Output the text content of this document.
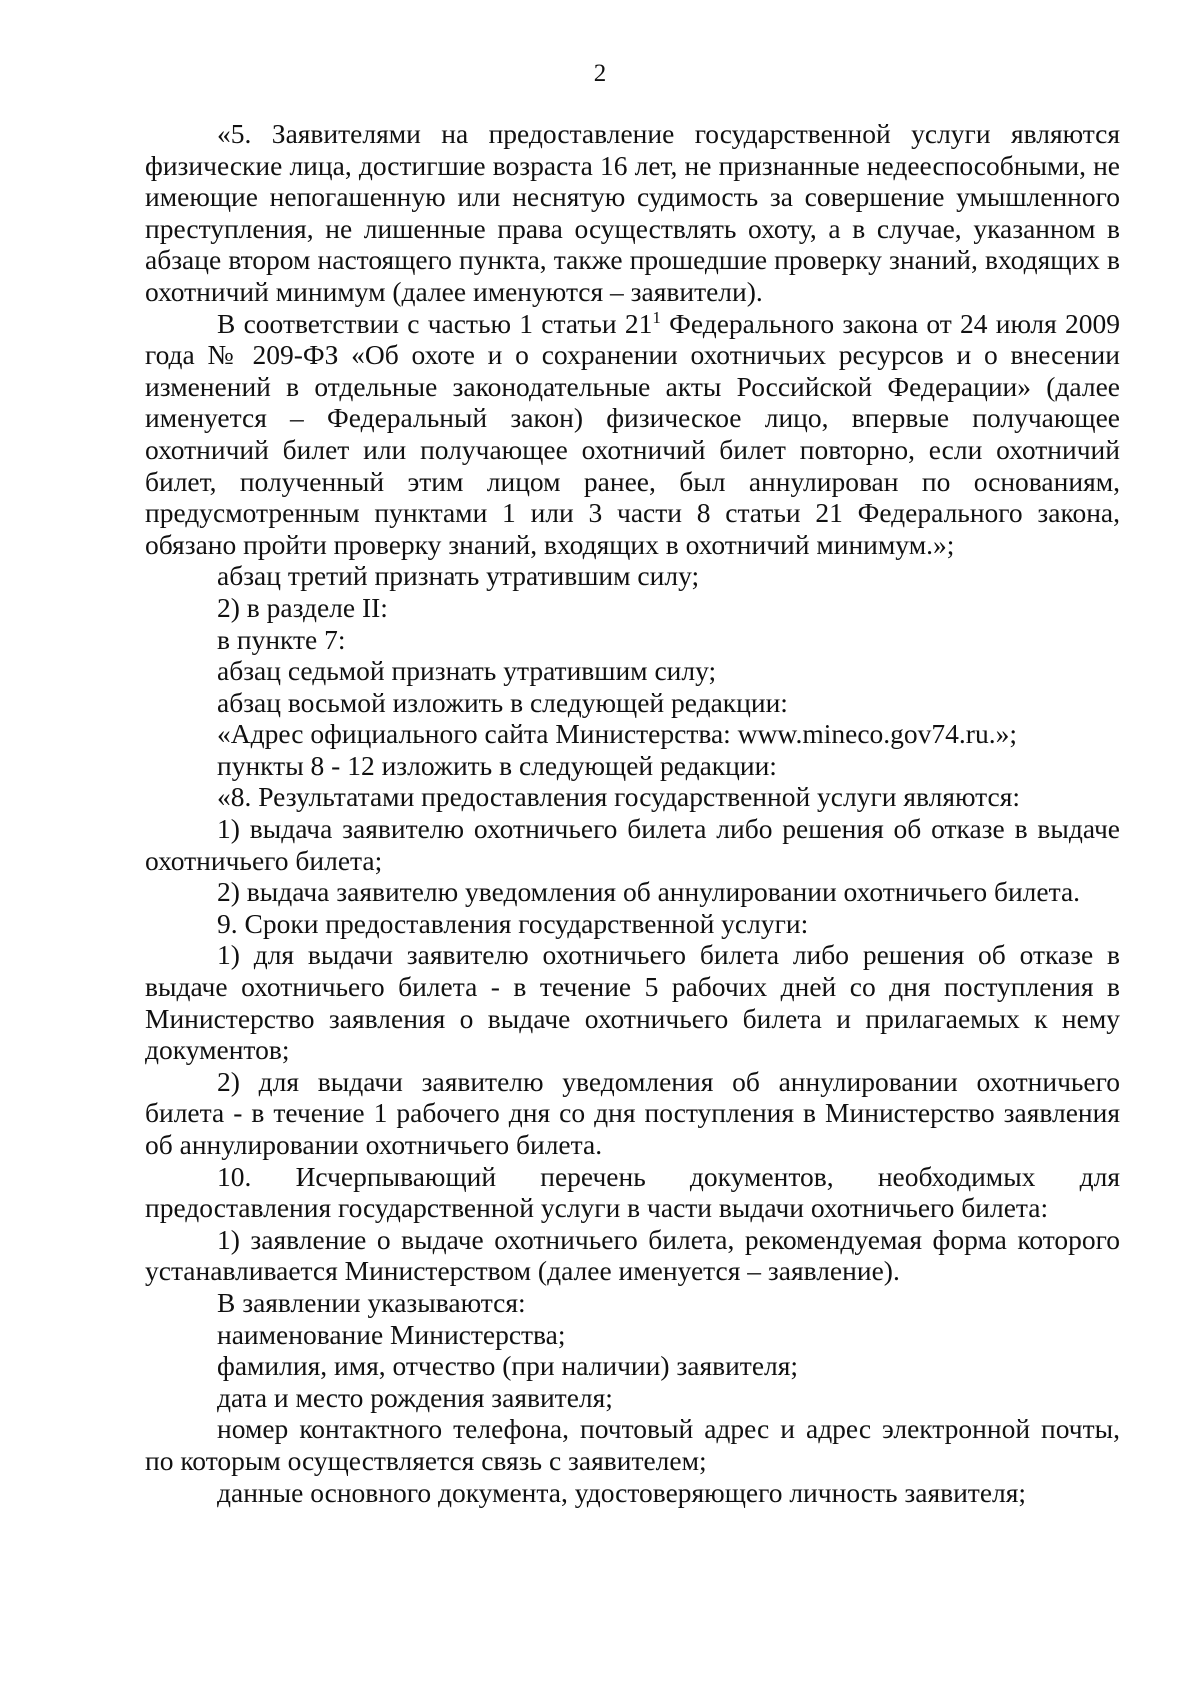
2

«5. Заявителями на предоставление государственной услуги являются физические лица, достигшие возраста 16 лет, не признанные недееспособными, не имеющие непогашенную или неснятую судимость за совершение умышленного преступления, не лишенные права осуществлять охоту, а в случае, указанном в абзаце втором настоящего пункта, также прошедшие проверку знаний, входящих в охотничий минимум (далее именуются – заявители).

В соответствии с частью 1 статьи $21^1$ Федерального закона от 24 июля 2009 года № 209-ФЗ «Об охоте и о сохранении охотничьих ресурсов и о внесении изменений в отдельные законодательные акты Российской Федерации» (далее именуется – Федеральный закон) физическое лицо, впервые получающее охотничий билет или получающее охотничий билет повторно, если охотничий билет, полученный этим лицом ранее, был аннулирован по основаниям, предусмотренным пунктами 1 или 3 части 8 статьи 21 Федерального закона, обязано пройти проверку знаний, входящих в охотничий минимум.»;

абзац третий признать утратившим силу;

2) в разделе II:

в пункте 7:

абзац седьмой признать утратившим силу;

абзац восьмой изложить в следующей редакции:

«Адрес официального сайта Министерства: www.mineco.gov74.ru.»;

пункты 8 - 12 изложить в следующей редакции:

«8. Результатами предоставления государственной услуги являются:

1) выдача заявителю охотничьего билета либо решения об отказе в выдаче охотничьего билета;

2) выдача заявителю уведомления об аннулировании охотничьего билета.

9. Сроки предоставления государственной услуги:

1) для выдачи заявителю охотничьего билета либо решения об отказе в выдаче охотничьего билета - в течение 5 рабочих дней со дня поступления в Министерство заявления о выдаче охотничьего билета и прилагаемых к нему документов;

2) для выдачи заявителю уведомления об аннулировании охотничьего билета - в течение 1 рабочего дня со дня поступления в Министерство заявления об аннулировании охотничьего билета.

10. Исчерпывающий перечень документов, необходимых для предоставления государственной услуги в части выдачи охотничьего билета:

1) заявление о выдаче охотничьего билета, рекомендуемая форма которого устанавливается Министерством (далее именуется – заявление).

В заявлении указываются:

наименование Министерства;

фамилия, имя, отчество (при наличии) заявителя;

дата и место рождения заявителя;

номер контактного телефона, почтовый адрес и адрес электронной почты, по которым осуществляется связь с заявителем;

данные основного документа, удостоверяющего личность заявителя;
